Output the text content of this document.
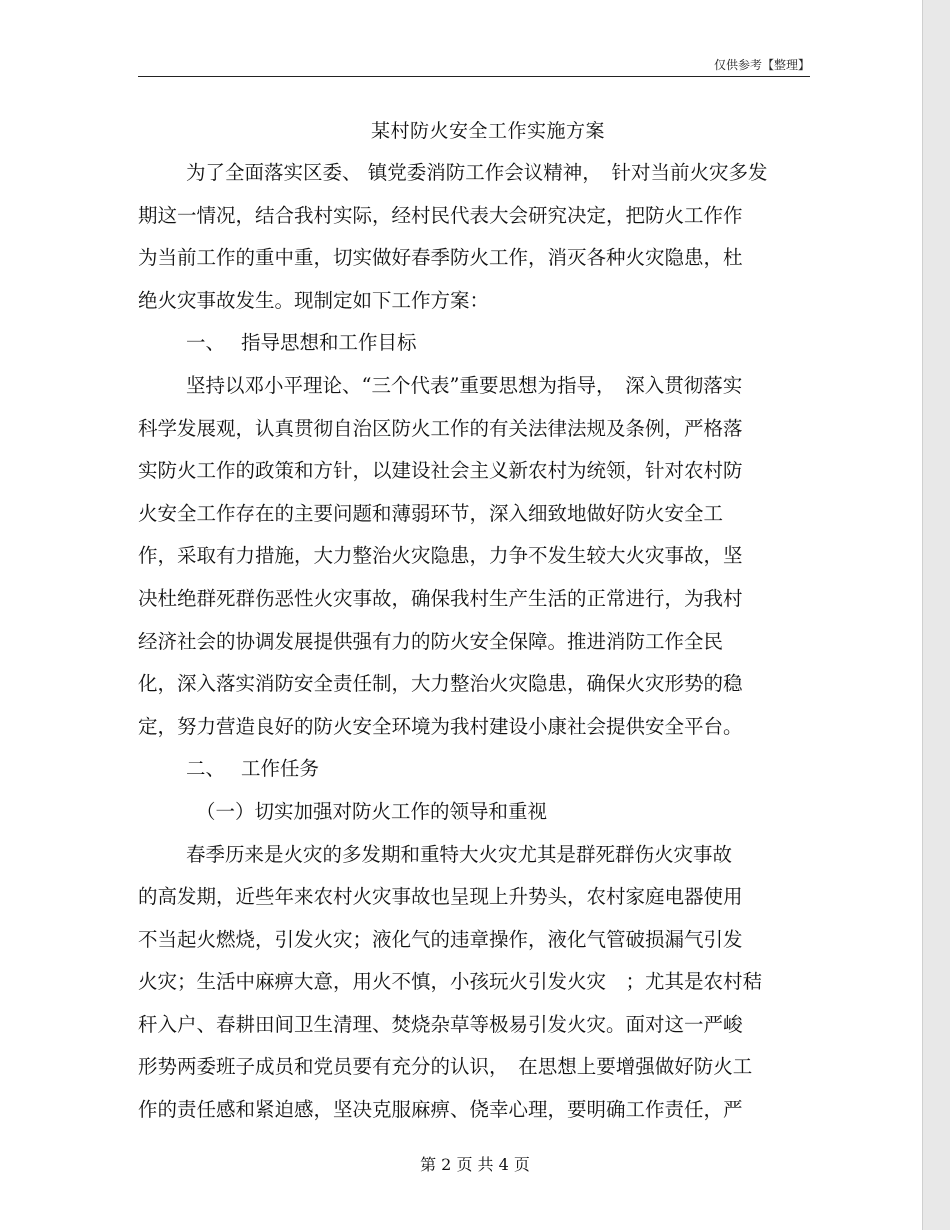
仅供参考【整理】
某村防火安全工作实施方案
为了全面落实区委、 镇党委消防工作会议精神，　针对当前火灾多发
期这一情况，结合我村实际，经村民代表大会研究决定，把防火工作作
为当前工作的重中重，切实做好春季防火工作，消灭各种火灾隐患，杜
绝火灾事故发生。现制定如下工作方案：
一、　 指导思想和工作目标
坚持以邓小平理论、“三个代表”重要思想为指导，　深入贯彻落实
科学发展观，认真贯彻自治区防火工作的有关法律法规及条例，严格落
实防火工作的政策和方针，以建设社会主义新农村为统领，针对农村防
火安全工作存在的主要问题和薄弱环节，深入细致地做好防火安全工
作，采取有力措施，大力整治火灾隐患，力争不发生较大火灾事故，坚
决杜绝群死群伤恶性火灾事故，确保我村生产生活的正常进行，为我村
经济社会的协调发展提供强有力的防火安全保障。推进消防工作全民
化，深入落实消防安全责任制，大力整治火灾隐患，确保火灾形势的稳
定，努力营造良好的防火安全环境为我村建设小康社会提供安全平台。
二、　 工作任务
（一）切实加强对防火工作的领导和重视
春季历来是火灾的多发期和重特大火灾尤其是群死群伤火灾事故
的高发期，近些年来农村火灾事故也呈现上升势头，农村家庭电器使用
不当起火燃烧，引发火灾；液化气的违章操作，液化气管破损漏气引发
火灾；生活中麻痹大意，用火不慎，小孩玩火引发火灾　；尤其是农村秸
秆入户、春耕田间卫生清理、焚烧杂草等极易引发火灾。面对这一严峻
形势两委班子成员和党员要有充分的认识，　在思想上要增强做好防火工
作的责任感和紧迫感，坚决克服麻痹、侥幸心理，要明确工作责任，严
第 2 页 共 4 页
